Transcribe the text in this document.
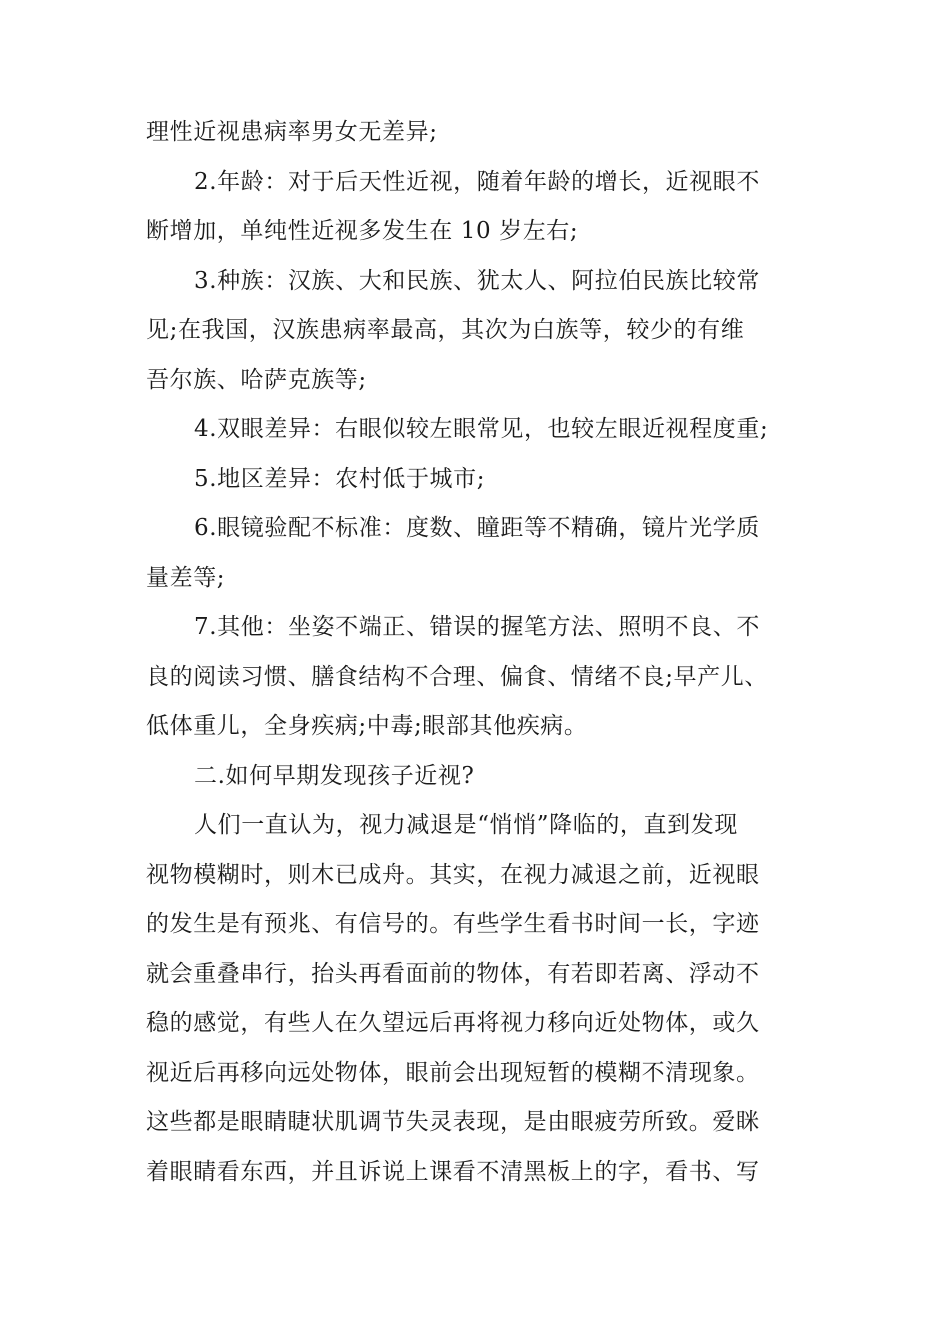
理性近视患病率男女无差异;
2.年龄：对于后天性近视，随着年龄的增长，近视眼不
断增加，单纯性近视多发生在 10 岁左右;
3.种族：汉族、大和民族、犹太人、阿拉伯民族比较常
见;在我国，汉族患病率最高，其次为白族等，较少的有维
吾尔族、哈萨克族等;
4.双眼差异：右眼似较左眼常见，也较左眼近视程度重;
5.地区差异：农村低于城市;
6.眼镜验配不标准：度数、瞳距等不精确，镜片光学质
量差等;
7.其他：坐姿不端正、错误的握笔方法、照明不良、不
良的阅读习惯、膳食结构不合理、偏食、情绪不良;早产儿、
低体重儿，全身疾病;中毒;眼部其他疾病。
二.如何早期发现孩子近视?
人们一直认为，视力减退是“悄悄”降临的，直到发现
视物模糊时，则木已成舟。其实，在视力减退之前，近视眼
的发生是有预兆、有信号的。有些学生看书时间一长，字迹
就会重叠串行，抬头再看面前的物体，有若即若离、浮动不
稳的感觉，有些人在久望远后再将视力移向近处物体，或久
视近后再移向远处物体，眼前会出现短暂的模糊不清现象。
这些都是眼睛睫状肌调节失灵表现，是由眼疲劳所致。爱眯
着眼睛看东西，并且诉说上课看不清黑板上的字，看书、写
